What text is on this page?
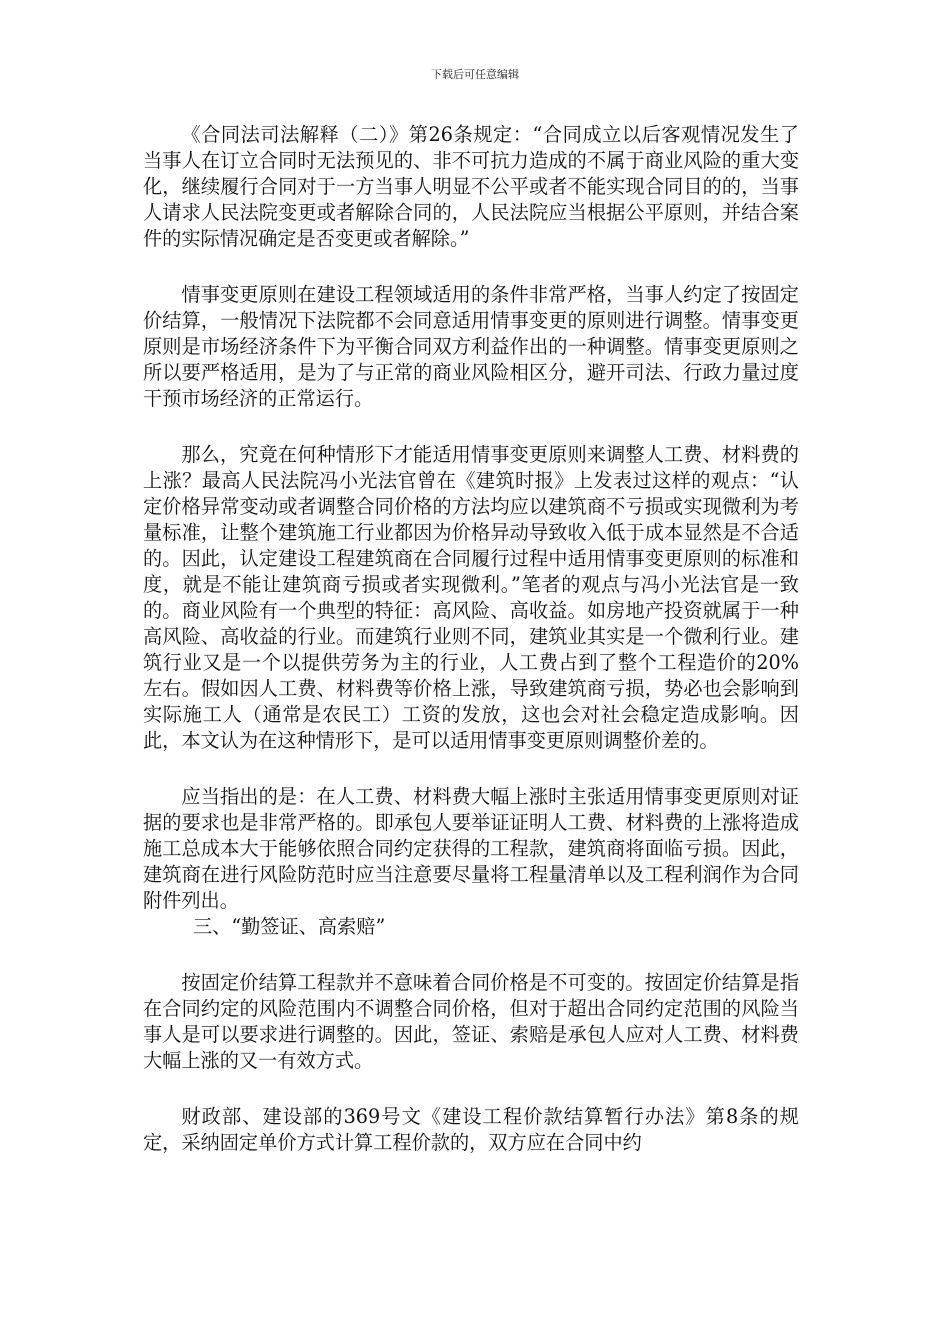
下载后可任意编辑

《合同法司法解释（二）》第26条规定：“合同成立以后客观情况发生了当事人在订立合同时无法预见的、非不可抗力造成的不属于商业风险的重大变化，继续履行合同对于一方当事人明显不公平或者不能实现合同目的的，当事人请求人民法院变更或者解除合同的，人民法院应当根据公平原则，并结合案件的实际情况确定是否变更或者解除。”

情事变更原则在建设工程领域适用的条件非常严格，当事人约定了按固定价结算，一般情况下法院都不会同意适用情事变更的原则进行调整。情事变更原则是市场经济条件下为平衡合同双方利益作出的一种调整。情事变更原则之所以要严格适用，是为了与正常的商业风险相区分，避开司法、行政力量过度干预市场经济的正常运行。

那么，究竟在何种情形下才能适用情事变更原则来调整人工费、材料费的上涨？最高人民法院冯小光法官曾在《建筑时报》上发表过这样的观点：“认定价格异常变动或者调整合同价格的方法均应以建筑商不亏损或实现微利为考量标准，让整个建筑施工行业都因为价格异动导致收入低于成本显然是不合适的。因此，认定建设工程建筑商在合同履行过程中适用情事变更原则的标准和度，就是不能让建筑商亏损或者实现微利。”笔者的观点与冯小光法官是一致的。商业风险有一个典型的特征：高风险、高收益。如房地产投资就属于一种高风险、高收益的行业。而建筑行业则不同，建筑业其实是一个微利行业。建筑行业又是一个以提供劳务为主的行业，人工费占到了整个工程造价的20%左右。假如因人工费、材料费等价格上涨，导致建筑商亏损，势必也会影响到实际施工人（通常是农民工）工资的发放，这也会对社会稳定造成影响。因此，本文认为在这种情形下，是可以适用情事变更原则调整价差的。

应当指出的是：在人工费、材料费大幅上涨时主张适用情事变更原则对证据的要求也是非常严格的。即承包人要举证证明人工费、材料费的上涨将造成施工总成本大于能够依照合同约定获得的工程款，建筑商将面临亏损。因此，建筑商在进行风险防范时应当注意要尽量将工程量清单以及工程利润作为合同附件列出。

三、“勤签证、高索赔”

按固定价结算工程款并不意味着合同价格是不可变的。按固定价结算是指在合同约定的风险范围内不调整合同价格，但对于超出合同约定范围的风险当事人是可以要求进行调整的。因此，签证、索赔是承包人应对人工费、材料费大幅上涨的又一有效方式。

财政部、建设部的369号文《建设工程价款结算暂行办法》第8条的规定，采纳固定单价方式计算工程价款的，双方应在合同中约
